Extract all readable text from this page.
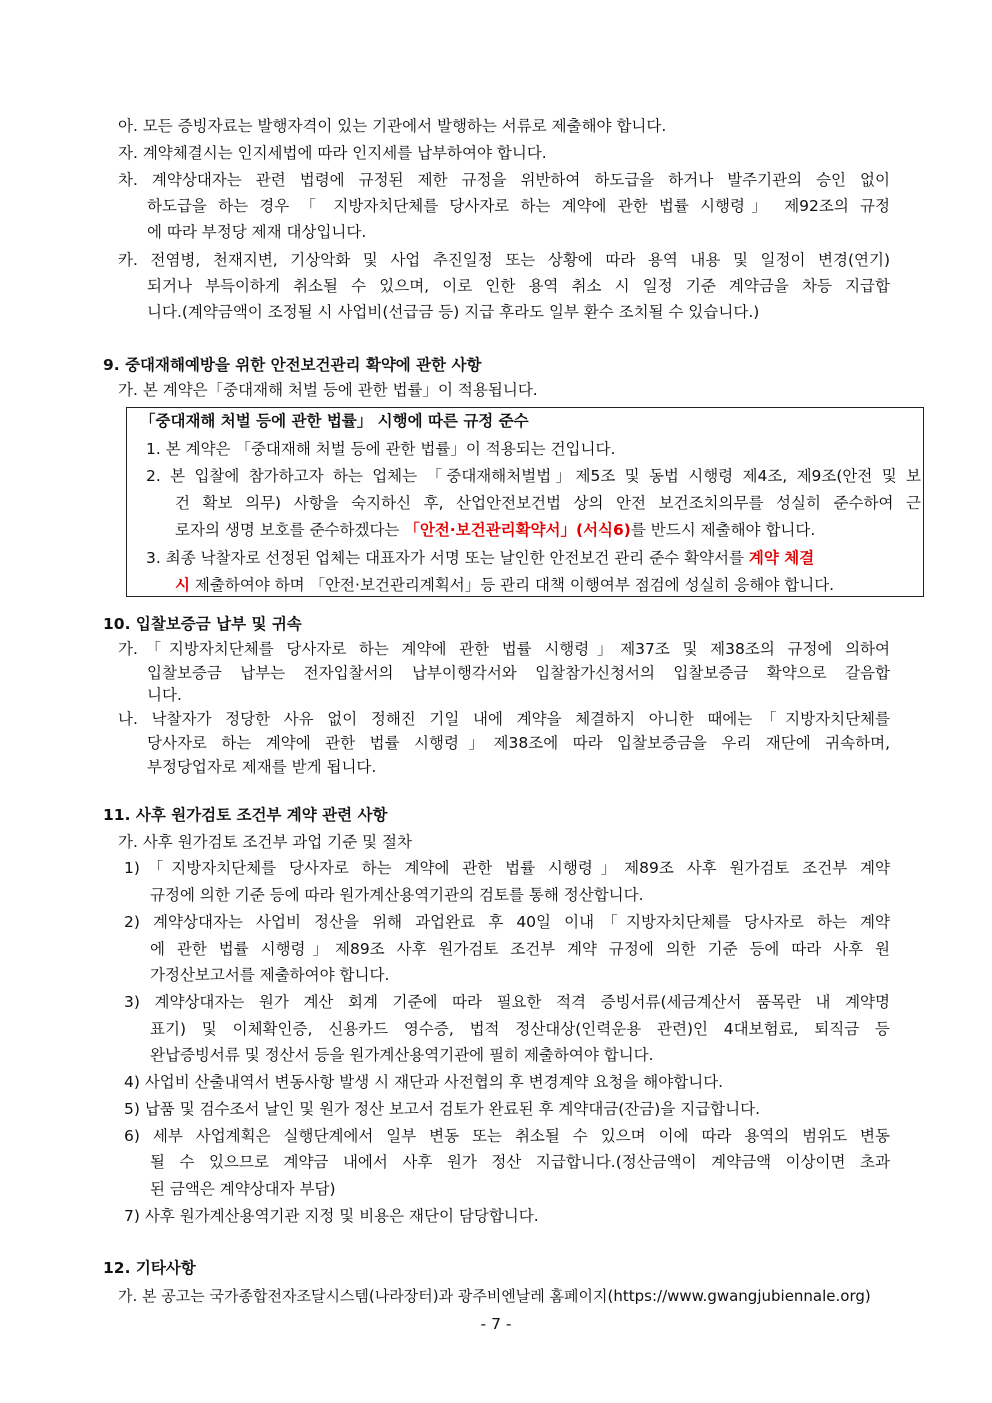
아. 모든 증빙자료는 발행자격이 있는 기관에서 발행하는 서류로 제출해야 합니다.
자. 계약체결시는 인지세법에 따라 인지세를 납부하여야 합니다.
차. 계약상대자는 관련 법령에 규정된 제한 규정을 위반하여 하도급을 하거나 발주기관의 승인 없이
하도급을 하는 경우 「 지방자치단체를 당사자로 하는 계약에 관한 법률 시행령」 제92조의 규정
에 따라 부정당 제재 대상입니다.
카. 전염병, 천재지변, 기상악화 및 사업 추진일정 또는 상황에 따라 용역 내용 및 일정이 변경(연기)
되거나 부득이하게 취소될 수 있으며, 이로 인한 용역 취소 시 일정 기준 계약금을 차등 지급합
니다.(계약금액이 조정될 시 사업비(선급금 등) 지급 후라도 일부 환수 조치될 수 있습니다.)
9. 중대재해예방을 위한 안전보건관리 확약에 관한 사항
가. 본 계약은「중대재해 처벌 등에 관한 법률」이 적용됩니다.
「중대재해 처벌 등에 관한 법률」 시행에 따른 규정 준수
1. 본 계약은 「중대재해 처벌 등에 관한 법률」이 적용되는 건입니다.
2. 본 입찰에 참가하고자 하는 업체는 「중대재해처벌법」제5조 및 동법 시행령 제4조, 제9조(안전 및 보
건 확보 의무) 사항을 숙지하신 후, 산업안전보건법 상의 안전 보건조치의무를 성실히 준수하여 근
로자의 생명 보호를 준수하겠다는 「안전·보건관리확약서」(서식6)를 반드시 제출해야 합니다.
3. 최종 낙찰자로 선정된 업체는 대표자가 서명 또는 날인한 안전보건 관리 준수 확약서를 계약 체결
시 제출하여야 하며 「안전·보건관리계획서」등 관리 대책 이행여부 점검에 성실히 응해야 합니다.
10. 입찰보증금 납부 및 귀속
가.「지방자치단체를 당사자로 하는 계약에 관한 법률 시행령」제37조 및 제38조의 규정에 의하여
입찰보증금 납부는 전자입찰서의 납부이행각서와 입찰참가신청서의 입찰보증금 확약으로 갈음합
니다.
나. 낙찰자가 정당한 사유 없이 정해진 기일 내에 계약을 체결하지 아니한 때에는「지방자치단체를
당사자로 하는 계약에 관한 법률 시행령」제38조에 따라 입찰보증금을 우리 재단에 귀속하며,
부정당업자로 제재를 받게 됩니다.
11. 사후 원가검토 조건부 계약 관련 사항
가. 사후 원가검토 조건부 과업 기준 및 절차
1)「지방자치단체를 당사자로 하는 계약에 관한 법률 시행령」제89조 사후 원가검토 조건부 계약
규정에 의한 기준 등에 따라 원가계산용역기관의 검토를 통해 정산합니다.
2) 계약상대자는 사업비 정산을 위해 과업완료 후 40일 이내「지방자치단체를 당사자로 하는 계약
에 관한 법률 시행령」제89조 사후 원가검토 조건부 계약 규정에 의한 기준 등에 따라 사후 원
가정산보고서를 제출하여야 합니다.
3) 계약상대자는 원가 계산 회계 기준에 따라 필요한 적격 증빙서류(세금계산서 품목란 내 계약명
표기) 및 이체확인증, 신용카드 영수증, 법적 정산대상(인력운용 관련)인 4대보험료, 퇴직금 등
완납증빙서류 및 정산서 등을 원가계산용역기관에 필히 제출하여야 합니다.
4) 사업비 산출내역서 변동사항 발생 시 재단과 사전협의 후 변경계약 요청을 해야합니다.
5) 납품 및 검수조서 날인 및 원가 정산 보고서 검토가 완료된 후 계약대금(잔금)을 지급합니다.
6) 세부 사업계획은 실행단계에서 일부 변동 또는 취소될 수 있으며 이에 따라 용역의 범위도 변동
될 수 있으므로 계약금 내에서 사후 원가 정산 지급합니다.(정산금액이 계약금액 이상이면 초과
된 금액은 계약상대자 부담)
7) 사후 원가계산용역기관 지정 및 비용은 재단이 담당합니다.
12. 기타사항
가. 본 공고는 국가종합전자조달시스템(나라장터)과 광주비엔날레 홈페이지(https://www.gwangjubiennale.org)
- 7 -
